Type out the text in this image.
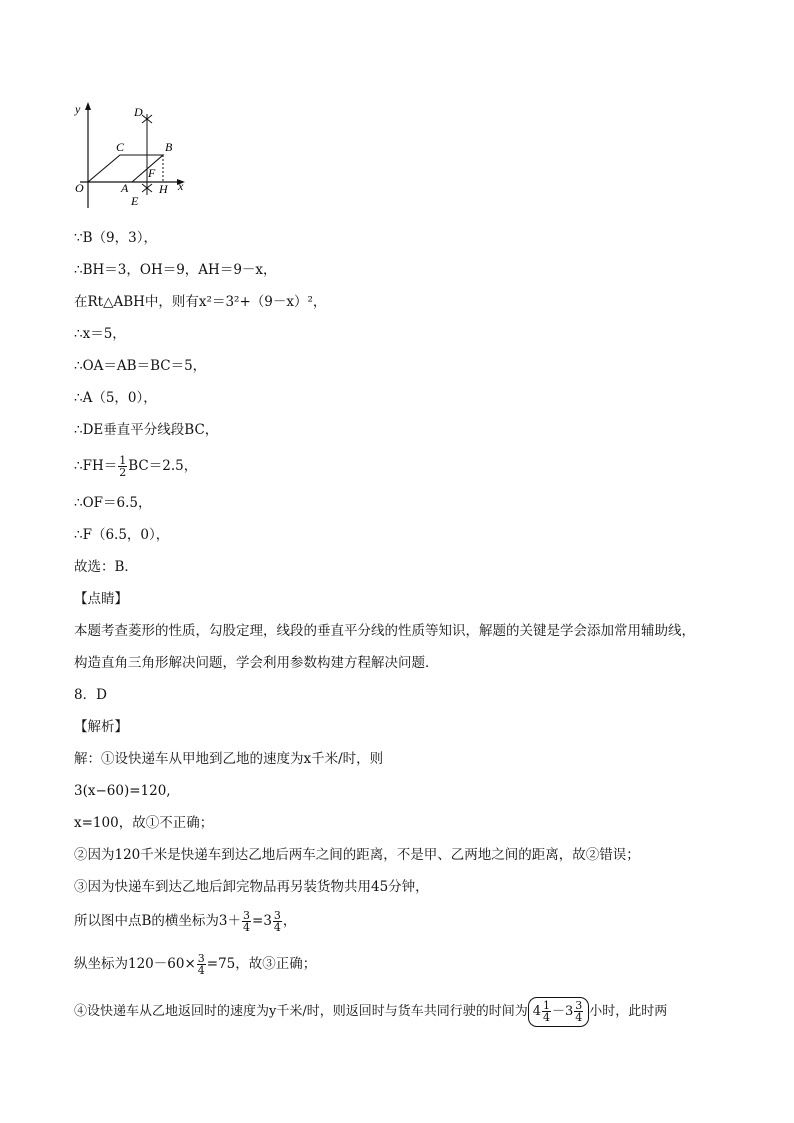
y	D
C	B
F
O	A	H x
E
∵B（9，3），
∴BH＝3，OH＝9，AH＝9－x，
在Rt△ABH中，则有x²＝3²+（9－x）²，
∴x＝5，
∴OA＝AB＝BC＝5，
∴A（5，0），
∴DE垂直平分线段BC，
∴FH＝ $\frac{1}{2} BC=2.5$，
∴OF＝6.5，
∴F（6.5，0），
故选：B．
【点睛】
本题考查菱形的性质，勾股定理，线段的垂直平分线的性质等知识，解题的关键是学会添加常用辅助线，
构造直角三角形解决问题，学会利用参数构建方程解决问题．
8．D
【解析】
解：①设快递车从甲地到乙地的速度为x千米/时，则
3(x−60)=120,
x=100，故①不正确；
②因为120千米是快递车到达乙地后两车之间的距离，不是甲、乙两地之间的距离，故②错误；
③因为快递车到达乙地后卸完物品再另装货物共用45分钟，
所以图中点B的横坐标为$3+ \frac{3}{4} =3 \frac{3}{4}$ ，
纵坐标为$120-60\times \frac{3}{4} =75$，故③正确；
④设快递车从乙地返回时的速度为y千米/时，则返回时与货车共同行驶的时间为 $4 \frac{1}{4} -3 \frac{3}{4}$ 小时，此时两
